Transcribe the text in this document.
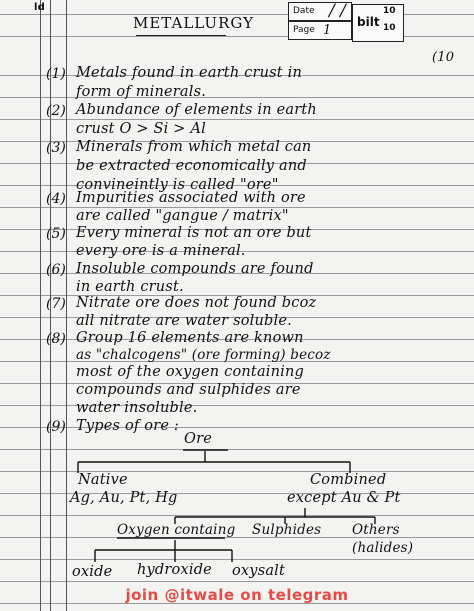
ld
METALLURGY
Date / /
Page 1
bilt
10
10
(10
(1) Metals found in earth crust in
form of minerals.
(2) Abundance of elements in earth
crust O > Si > Al
(3) Minerals from which metal can
be extracted economically and
convineintly is called "ore"
(4) Impurities associated with ore
are called "gangue / matrix"
(5) Every mineral is not an ore but
every ore is a mineral.
(6) Insoluble compounds are found
in earth crust.
(7) Nitrate ore does not found bcoz
all nitrate are water soluble.
(8) Group 16 elements are known
as "chalcogens" (ore forming) becoz
most of the oxygen containing
compounds and sulphides are
water insoluble.
(9) Types of ore :
Ore
Native
Ag, Au, Pt, Hg
Combined
except Au & Pt
Oxygen containg Sulphides Others
(halides)
oxide hydroxide oxysalt
join @itwale on telegram
